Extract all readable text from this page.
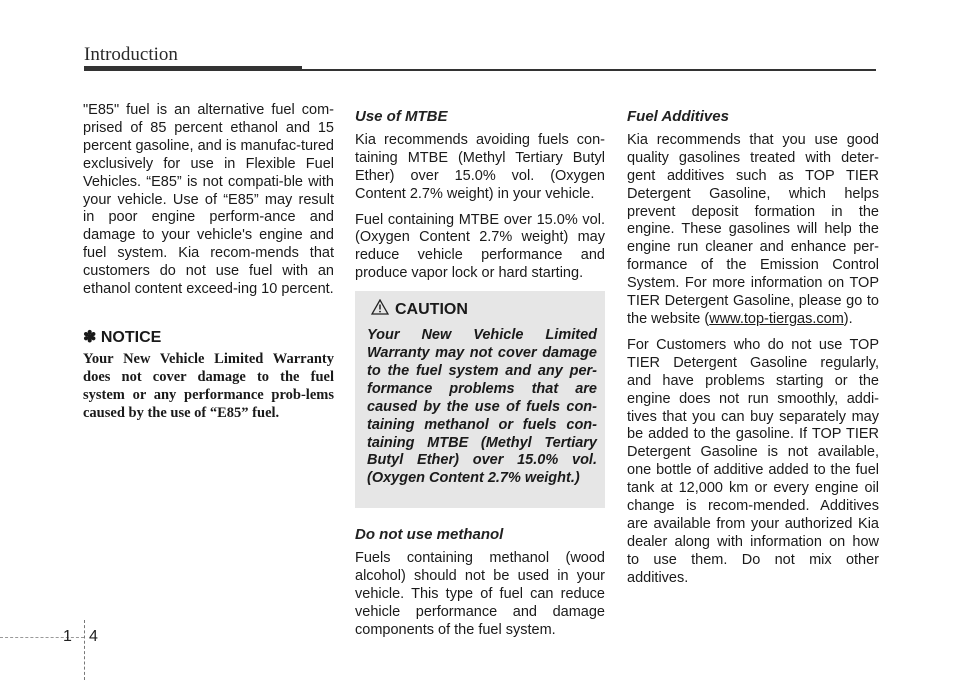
Introduction

"E85" fuel is an alternative fuel com-prised of 85 percent ethanol and 15 percent gasoline, and is manufac-tured exclusively for use in Flexible Fuel Vehicles. “E85” is not compati-ble with your vehicle. Use of “E85” may result in poor engine perform-ance and damage to your vehicle's engine and fuel system. Kia recom-mends that customers do not use fuel with an ethanol content exceed-ing 10 percent.

✽ NOTICE

Your New Vehicle Limited Warranty does not cover damage to the fuel system or any performance prob-lems caused by the use of “E85” fuel.

Use of MTBE

Kia recommends avoiding fuels con-taining MTBE (Methyl Tertiary Butyl Ether) over 15.0% vol. (Oxygen Content 2.7% weight) in your vehicle.

Fuel containing MTBE over 15.0% vol. (Oxygen Content 2.7% weight) may reduce vehicle performance and produce vapor lock or hard starting.

CAUTION

Your New Vehicle Limited Warranty may not cover damage to the fuel system and any per-formance problems that are caused by the use of fuels con-taining methanol or fuels con-taining MTBE (Methyl Tertiary Butyl Ether) over 15.0% vol. (Oxygen Content 2.7% weight.)

Do not use methanol

Fuels containing methanol (wood alcohol) should not be used in your vehicle. This type of fuel can reduce vehicle performance and damage components of the fuel system.

Fuel Additives

Kia recommends that you use good quality gasolines treated with deter-gent additives such as TOP TIER Detergent Gasoline, which helps prevent deposit formation in the engine. These gasolines will help the engine run cleaner and enhance per-formance of the Emission Control System. For more information on TOP TIER Detergent Gasoline, please go to the website (www.top-tiergas.com).

For Customers who do not use TOP TIER Detergent Gasoline regularly, and have problems starting or the engine does not run smoothly, addi-tives that you can buy separately may be added to the gasoline. If TOP TIER Detergent Gasoline is not available, one bottle of additive added to the fuel tank at 12,000 km or every engine oil change is recom-mended. Additives are available from your authorized Kia dealer along with information on how to use them. Do not mix other additives.

1 4
